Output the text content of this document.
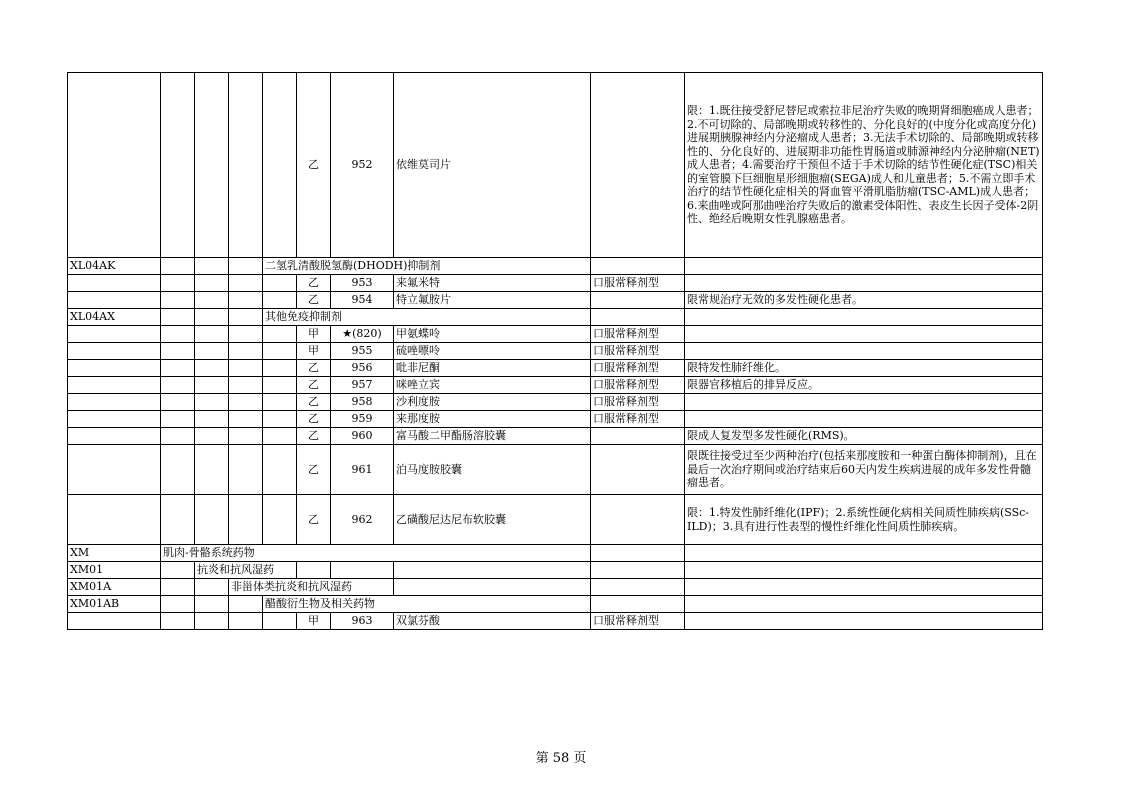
					乙	952	依维莫司片		限：1.既往接受舒尼替尼或索拉非尼治疗失败的晚期肾细胞癌成人患者；2.不可切除的、局部晚期或转移性的、分化良好的(中度分化或高度分化)进展期胰腺神经内分泌瘤成人患者；3.无法手术切除的、局部晚期或转移性的、分化良好的、进展期非功能性胃肠道或肺源神经内分泌肿瘤(NET)成人患者；4.需要治疗干预但不适于手术切除的结节性硬化症(TSC)相关的室管膜下巨细胞星形细胞瘤(SEGA)成人和儿童患者；5.不需立即手术治疗的结节性硬化症相关的肾血管平滑肌脂肪瘤(TSC-AML)成人患者；6.来曲唑或阿那曲唑治疗失败后的激素受体阳性、表皮生长因子受体-2阴性、绝经后晚期女性乳腺癌患者。
XL04AK				二氢乳清酸脱氢酶(DHODH)抑制剂					
					乙	953	来氟米特	口服常释剂型	
					乙	954	特立氟胺片		限常规治疗无效的多发性硬化患者。
XL04AX				其他免疫抑制剂					
					甲	★(820)	甲氨蝶呤	口服常释剂型	
					甲	955	硫唑嘌呤	口服常释剂型	
					乙	956	吡非尼酮	口服常释剂型	限特发性肺纤维化。
					乙	957	咪唑立宾	口服常释剂型	限器官移植后的排异反应。
					乙	958	沙利度胺	口服常释剂型	
					乙	959	来那度胺	口服常释剂型	
					乙	960	富马酸二甲酯肠溶胶囊		限成人复发型多发性硬化(RMS)。
					乙	961	泊马度胺胶囊		限既往接受过至少两种治疗(包括来那度胺和一种蛋白酶体抑制剂)，且在最后一次治疗期间或治疗结束后60天内发生疾病进展的成年多发性骨髓瘤患者。
					乙	962	乙磺酸尼达尼布软胶囊		限：1.特发性肺纤维化(IPF)；2.系统性硬化病相关间质性肺疾病(SSc-ILD)；3.具有进行性表型的慢性纤维化性间质性肺疾病。
XM	肌肉-骨骼系统药物								
XM01		抗炎和抗风湿药							
XM01A			非甾体类抗炎和抗风湿药						
XM01AB				醋酸衍生物及相关药物					
					甲	963	双氯芬酸	口服常释剂型	
第 58 页
